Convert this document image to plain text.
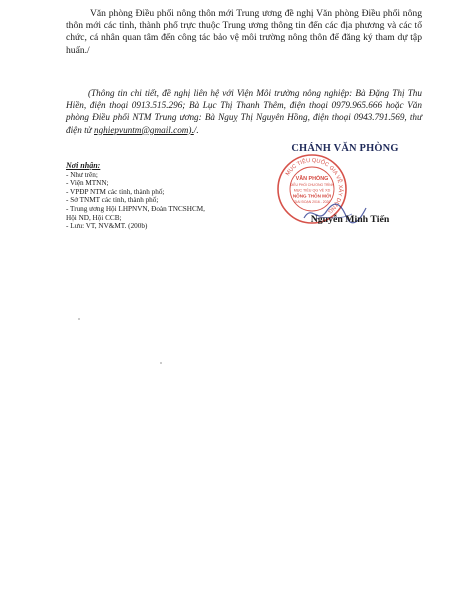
Văn phòng Điều phối nông thôn mới Trung ương đề nghị Văn phòng Điều phối nông thôn mới các tỉnh, thành phố trực thuộc Trung ương thông tin đến các địa phương và các tổ chức, cá nhân quan tâm đến công tác bảo vệ môi trường nông thôn để đăng ký tham dự tập huấn./

(Thông tin chi tiết, đề nghị liên hệ với Viện Môi trường nông nghiệp: Bà Đặng Thị Thu Hiền, điện thoại 0913.515.296; Bà Lục Thị Thanh Thêm, điện thoại 0979.965.666 hoặc Văn phòng Điều phối NTM Trung ương: Bà Nguỵ Thị Nguyên Hồng, điện thoại 0943.791.569, thư điện tử nghiepvuntm@gmail.com)./.

Nơi nhận:
- Như trên;
- Viện MTNN;
- VPĐP NTM các tỉnh, thành phố;
- Sở TNMT các tỉnh, thành phố;
- Trung ương Hội LHPNVN, Đoàn TNCSHCM,
Hội ND, Hội CCB;
- Lưu: VT, NV&MT. (200b)
CHÁNH VĂN PHÒNG
MỤC TIÊU QUỐC GIA VỀ XÂY DỰNG
VĂN PHÒNG
ĐIỀU PHỐI CHƯƠNG TRÌNH
MỤC TIÊU QG VỀ XD
NÔNG THÔN MỚI
GIAI ĐOẠN 2016 - 2020
Nguyễn Minh Tiến
